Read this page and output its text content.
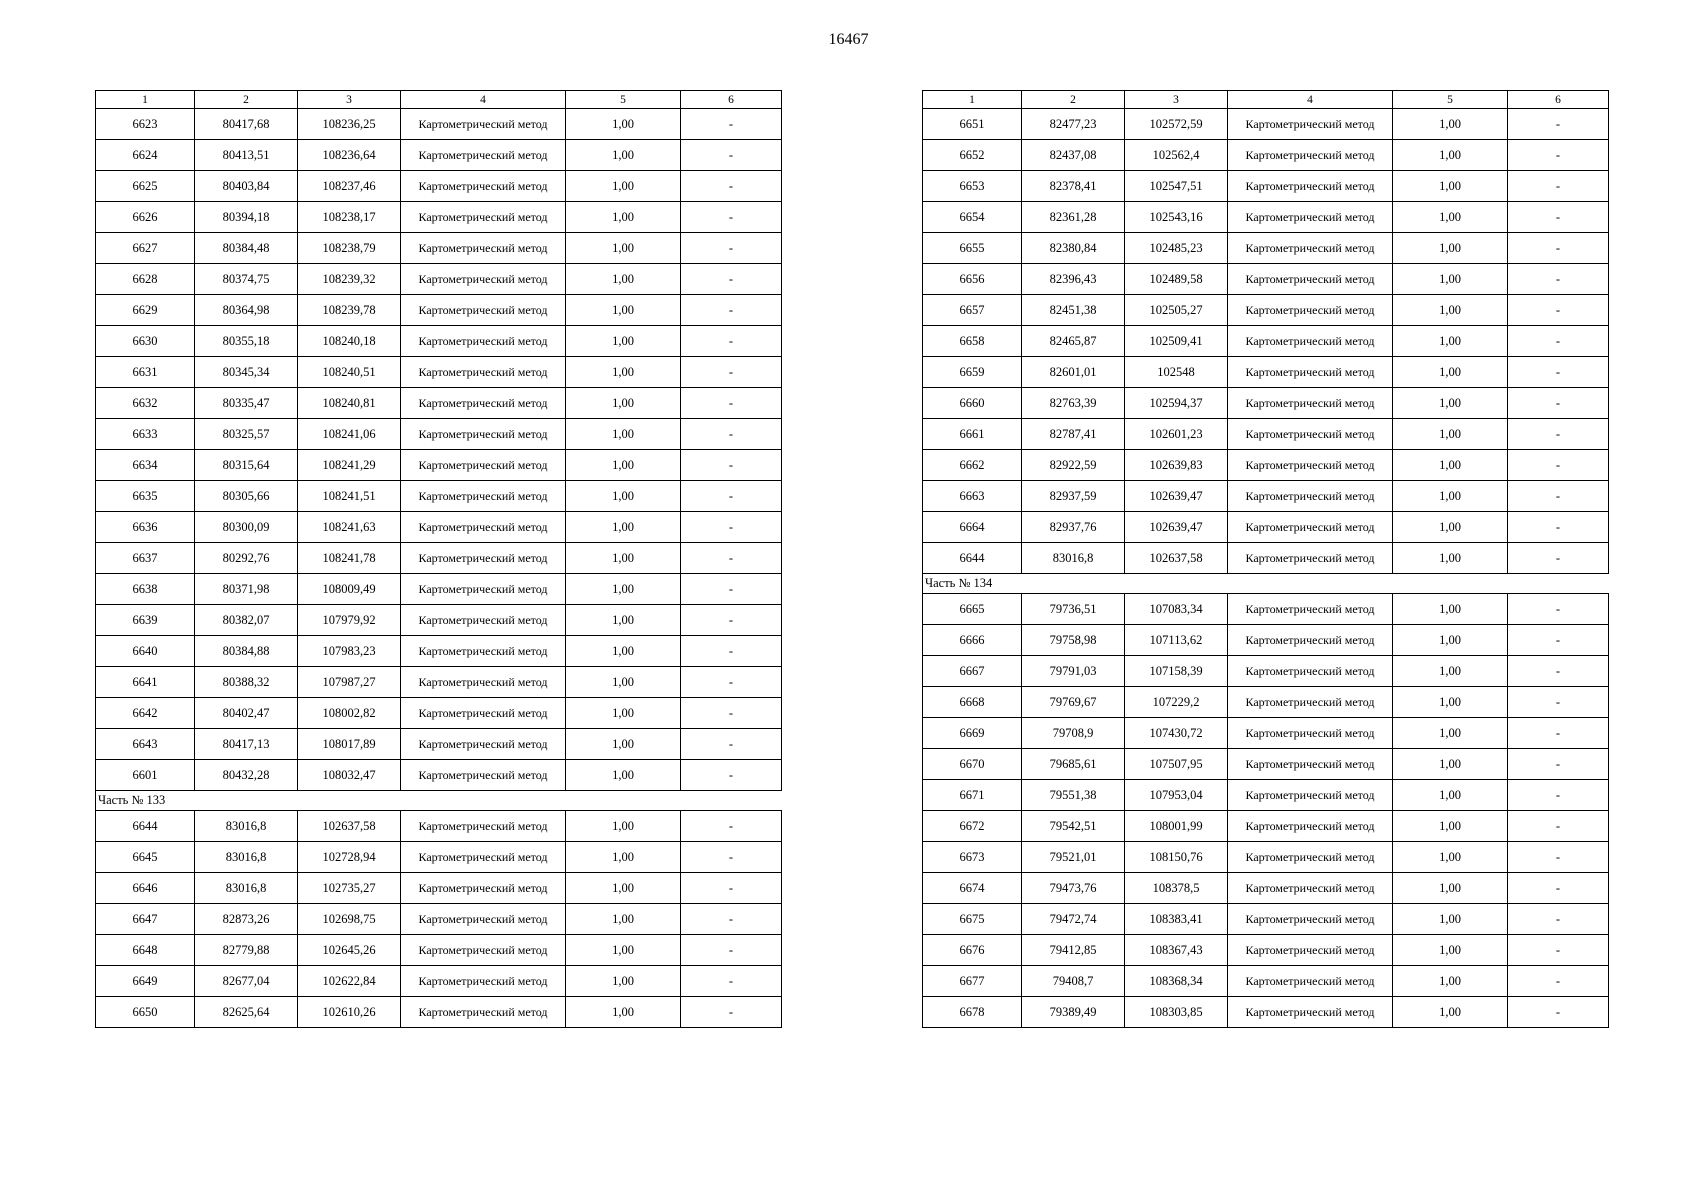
16467
1	2	3	4	5	6
6623	80417,68	108236,25	Картометрический метод	1,00	-
6624	80413,51	108236,64	Картометрический метод	1,00	-
6625	80403,84	108237,46	Картометрический метод	1,00	-
6626	80394,18	108238,17	Картометрический метод	1,00	-
6627	80384,48	108238,79	Картометрический метод	1,00	-
6628	80374,75	108239,32	Картометрический метод	1,00	-
6629	80364,98	108239,78	Картометрический метод	1,00	-
6630	80355,18	108240,18	Картометрический метод	1,00	-
6631	80345,34	108240,51	Картометрический метод	1,00	-
6632	80335,47	108240,81	Картометрический метод	1,00	-
6633	80325,57	108241,06	Картометрический метод	1,00	-
6634	80315,64	108241,29	Картометрический метод	1,00	-
6635	80305,66	108241,51	Картометрический метод	1,00	-
6636	80300,09	108241,63	Картометрический метод	1,00	-
6637	80292,76	108241,78	Картометрический метод	1,00	-
6638	80371,98	108009,49	Картометрический метод	1,00	-
6639	80382,07	107979,92	Картометрический метод	1,00	-
6640	80384,88	107983,23	Картометрический метод	1,00	-
6641	80388,32	107987,27	Картометрический метод	1,00	-
6642	80402,47	108002,82	Картометрический метод	1,00	-
6643	80417,13	108017,89	Картометрический метод	1,00	-
6601	80432,28	108032,47	Картометрический метод	1,00	-
Часть № 133					
6644	83016,8	102637,58	Картометрический метод	1,00	-
6645	83016,8	102728,94	Картометрический метод	1,00	-
6646	83016,8	102735,27	Картометрический метод	1,00	-
6647	82873,26	102698,75	Картометрический метод	1,00	-
6648	82779,88	102645,26	Картометрический метод	1,00	-
6649	82677,04	102622,84	Картометрический метод	1,00	-
6650	82625,64	102610,26	Картометрический метод	1,00	-
1	2	3	4	5	6
6651	82477,23	102572,59	Картометрический метод	1,00	-
6652	82437,08	102562,4	Картометрический метод	1,00	-
6653	82378,41	102547,51	Картометрический метод	1,00	-
6654	82361,28	102543,16	Картометрический метод	1,00	-
6655	82380,84	102485,23	Картометрический метод	1,00	-
6656	82396,43	102489,58	Картометрический метод	1,00	-
6657	82451,38	102505,27	Картометрический метод	1,00	-
6658	82465,87	102509,41	Картометрический метод	1,00	-
6659	82601,01	102548	Картометрический метод	1,00	-
6660	82763,39	102594,37	Картометрический метод	1,00	-
6661	82787,41	102601,23	Картометрический метод	1,00	-
6662	82922,59	102639,83	Картометрический метод	1,00	-
6663	82937,59	102639,47	Картометрический метод	1,00	-
6664	82937,76	102639,47	Картометрический метод	1,00	-
6644	83016,8	102637,58	Картометрический метод	1,00	-
Часть № 134					
6665	79736,51	107083,34	Картометрический метод	1,00	-
6666	79758,98	107113,62	Картометрический метод	1,00	-
6667	79791,03	107158,39	Картометрический метод	1,00	-
6668	79769,67	107229,2	Картометрический метод	1,00	-
6669	79708,9	107430,72	Картометрический метод	1,00	-
6670	79685,61	107507,95	Картометрический метод	1,00	-
6671	79551,38	107953,04	Картометрический метод	1,00	-
6672	79542,51	108001,99	Картометрический метод	1,00	-
6673	79521,01	108150,76	Картометрический метод	1,00	-
6674	79473,76	108378,5	Картометрический метод	1,00	-
6675	79472,74	108383,41	Картометрический метод	1,00	-
6676	79412,85	108367,43	Картометрический метод	1,00	-
6677	79408,7	108368,34	Картометрический метод	1,00	-
6678	79389,49	108303,85	Картометрический метод	1,00	-
